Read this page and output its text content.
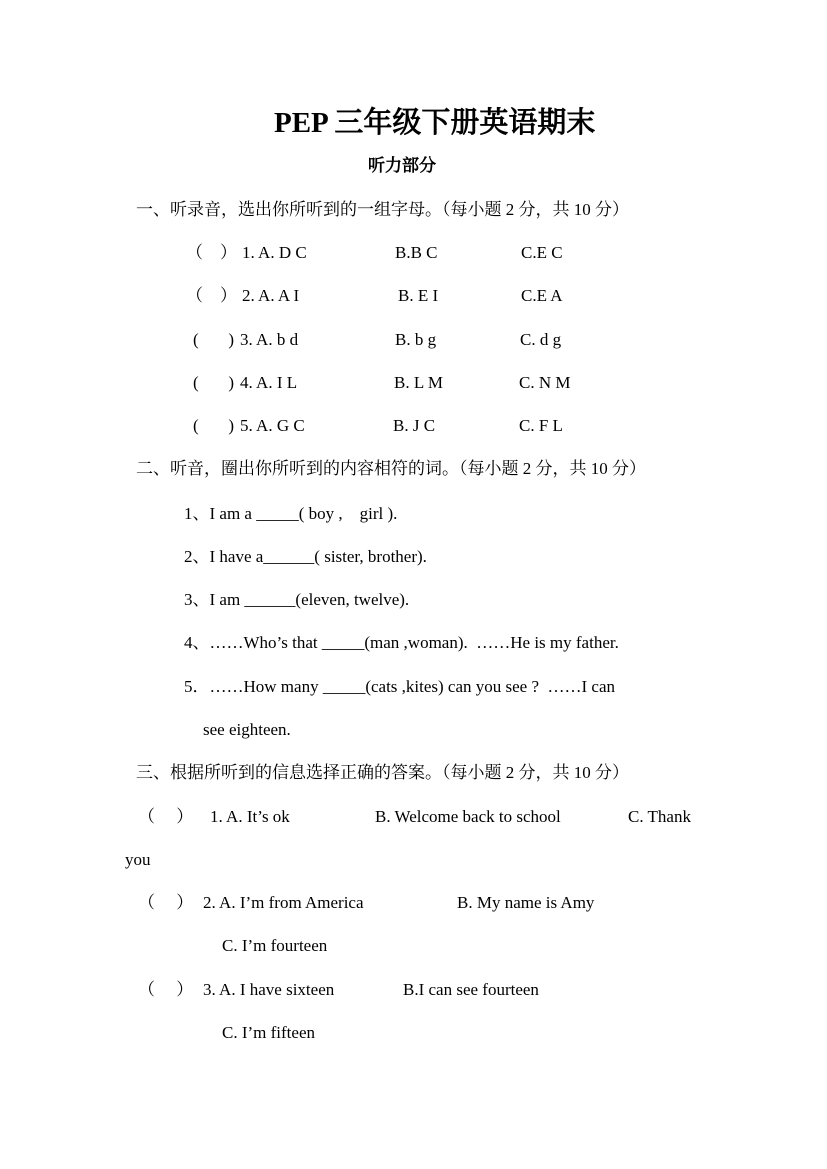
PEP 三年级下册英语期末
听力部分
一、听录音，选出你所听到的一组字母。（每小题 2 分，共 10 分）
（    ） 1. A. D C	B.B C	C.E C
（    ） 2. A. A I	B. E I	C.E A
(       ) 3. A. b d	B. b g	C. d g
(       ) 4. A. I L	B. L M	C. N M
(       ) 5. A. G C	B. J C	C. F L
二、听音，圈出你所听到的内容相符的词。（每小题 2 分，共 10 分）
1、I am a _____( boy ,    girl ).
2、I have a______( sister, brother).
3、I am ______(eleven, twelve).
4、……Who’s that _____(man ,woman).  ……He is my father.
5．……How many _____(cats ,kites) can you see ?  ……I can
see eighteen.
三、根据所听到的信息选择正确的答案。（每小题 2 分，共 10 分）
（     ） 1. A. It’s ok	B. Welcome back to school	C. Thank
you
（     ） 2. A. I’m from America	B. My name is Amy
C. I’m fourteen
（     ） 3. A. I have sixteen	B.I can see fourteen
C. I’m fifteen
